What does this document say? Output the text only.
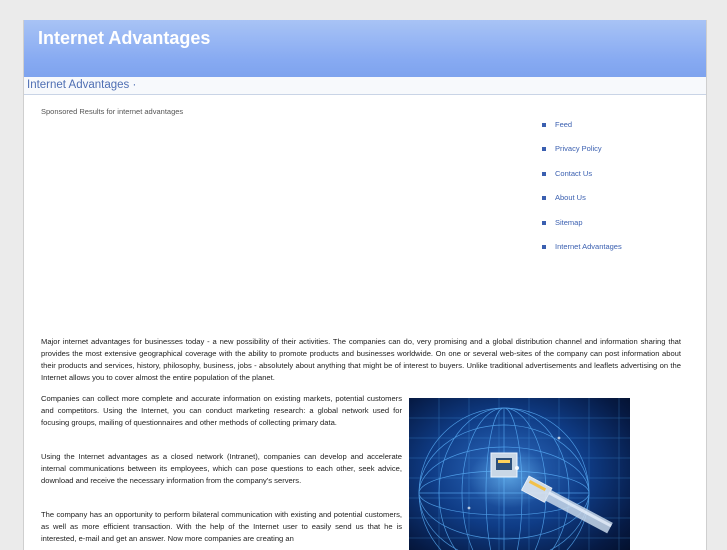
Internet Advantages
Internet Advantages ·
Sponsored Results for internet advantages
Feed
Privacy Policy
Contact Us
About Us
Sitemap
Internet Advantages

Major internet advantages for businesses today - a new possibility of their activities. The companies can do, very promising and a global distribution channel and information sharing that provides the most extensive geographical coverage with the ability to promote products and businesses worldwide. On one or several web-sites of the company can post information about their products and services, history, philosophy, business, jobs - absolutely about anything that might be of interest to buyers. Unlike traditional advertisements and leaflets advertising on the Internet allows you to cover almost the entire population of the planet.

Companies can collect more complete and accurate information on existing markets, potential customers and competitors. Using the Internet, you can conduct marketing research: a global network used for focusing groups, mailing of questionnaires and other methods of collecting primary data.

Using the Internet advantages as a closed network (Intranet), companies can develop and accelerate internal communications between its employees, which can pose questions to each other, seek advice, download and receive the necessary information from the company's servers.

The company has an opportunity to perform bilateral communication with existing and potential customers, as well as more efficient transaction. With the help of the Internet user to easily send us that he is interested, e-mail and get an answer. Now more companies are creating an
